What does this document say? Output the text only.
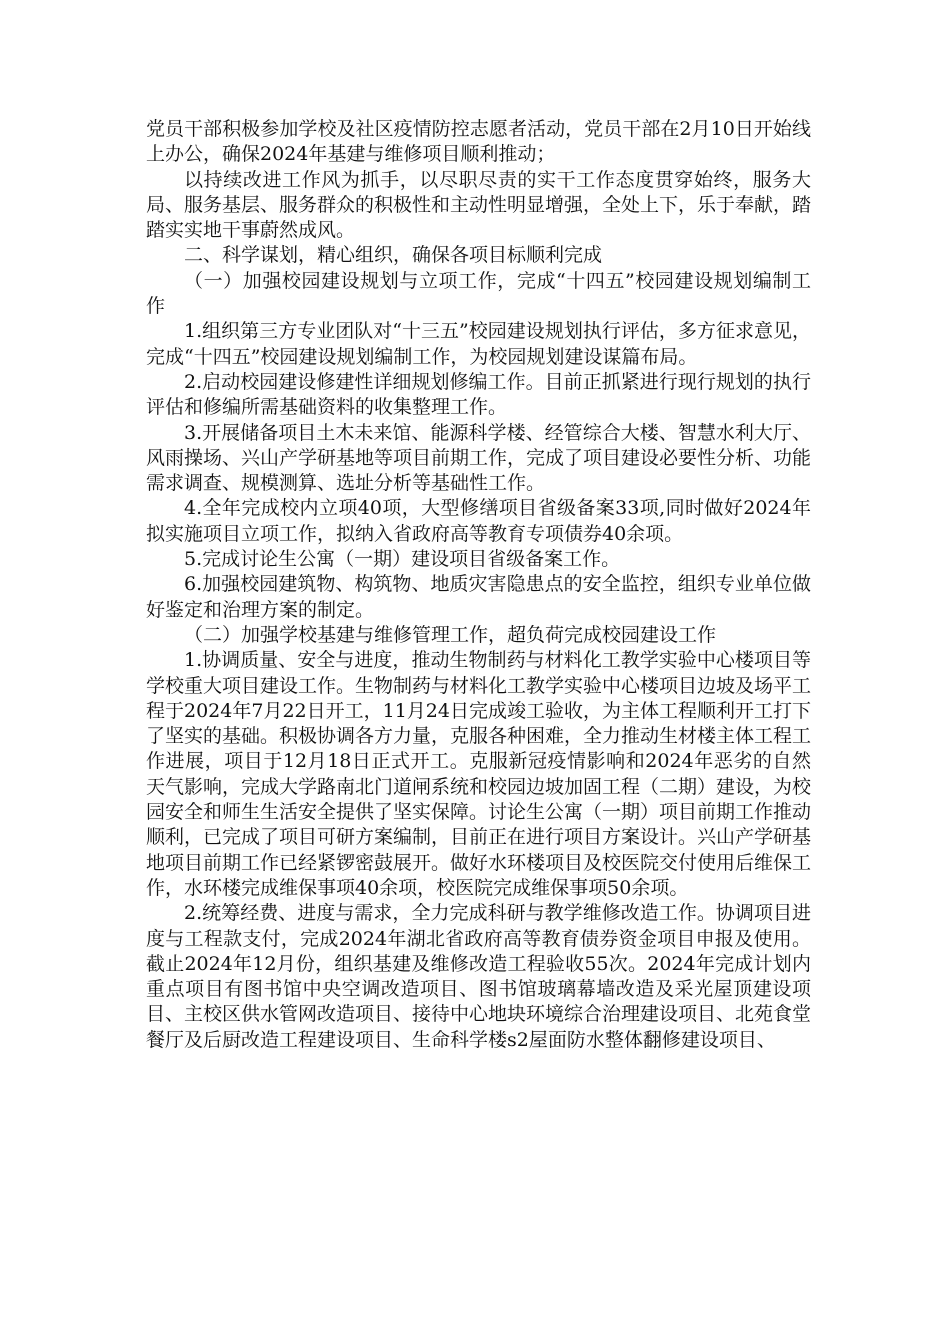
党员干部积极参加学校及社区疫情防控志愿者活动，党员干部在2月10日开始线上办公，确保2024年基建与维修项目顺利推动；

以持续改进工作风为抓手，以尽职尽责的实干工作态度贯穿始终，服务大局、服务基层、服务群众的积极性和主动性明显增强，全处上下，乐于奉献，踏踏实实地干事蔚然成风。

二、科学谋划，精心组织，确保各项目标顺利完成

（一）加强校园建设规划与立项工作，完成“十四五”校园建设规划编制工作

1.组织第三方专业团队对“十三五”校园建设规划执行评估，多方征求意见，完成“十四五”校园建设规划编制工作，为校园规划建设谋篇布局。

2.启动校园建设修建性详细规划修编工作。目前正抓紧进行现行规划的执行评估和修编所需基础资料的收集整理工作。

3.开展储备项目土木未来馆、能源科学楼、经管综合大楼、智慧水利大厅、风雨操场、兴山产学研基地等项目前期工作，完成了项目建设必要性分析、功能需求调查、规模测算、选址分析等基础性工作。

4.全年完成校内立项40项，大型修缮项目省级备案33项,同时做好2024年拟实施项目立项工作，拟纳入省政府高等教育专项债券40余项。

5.完成讨论生公寓（一期）建设项目省级备案工作。

6.加强校园建筑物、构筑物、地质灾害隐患点的安全监控，组织专业单位做好鉴定和治理方案的制定。

（二）加强学校基建与维修管理工作，超负荷完成校园建设工作

1.协调质量、安全与进度，推动生物制药与材料化工教学实验中心楼项目等学校重大项目建设工作。生物制药与材料化工教学实验中心楼项目边坡及场平工程于2024年7月22日开工，11月24日完成竣工验收，为主体工程顺利开工打下了坚实的基础。积极协调各方力量，克服各种困难，全力推动生材楼主体工程工作进展，项目于12月18日正式开工。克服新冠疫情影响和2024年恶劣的自然天气影响，完成大学路南北门道闸系统和校园边坡加固工程（二期）建设，为校园安全和师生生活安全提供了坚实保障。讨论生公寓（一期）项目前期工作推动顺利，已完成了项目可研方案编制，目前正在进行项目方案设计。兴山产学研基地项目前期工作已经紧锣密鼓展开。做好水环楼项目及校医院交付使用后维保工作，水环楼完成维保事项40余项，校医院完成维保事项50余项。

2.统筹经费、进度与需求，全力完成科研与教学维修改造工作。协调项目进度与工程款支付，完成2024年湖北省政府高等教育债券资金项目申报及使用。截止2024年12月份，组织基建及维修改造工程验收55次。2024年完成计划内重点项目有图书馆中央空调改造项目、图书馆玻璃幕墙改造及采光屋顶建设项目、主校区供水管网改造项目、接待中心地块环境综合治理建设项目、北苑食堂餐厅及后厨改造工程建设项目、生命科学楼s2屋面防水整体翻修建设项目、
